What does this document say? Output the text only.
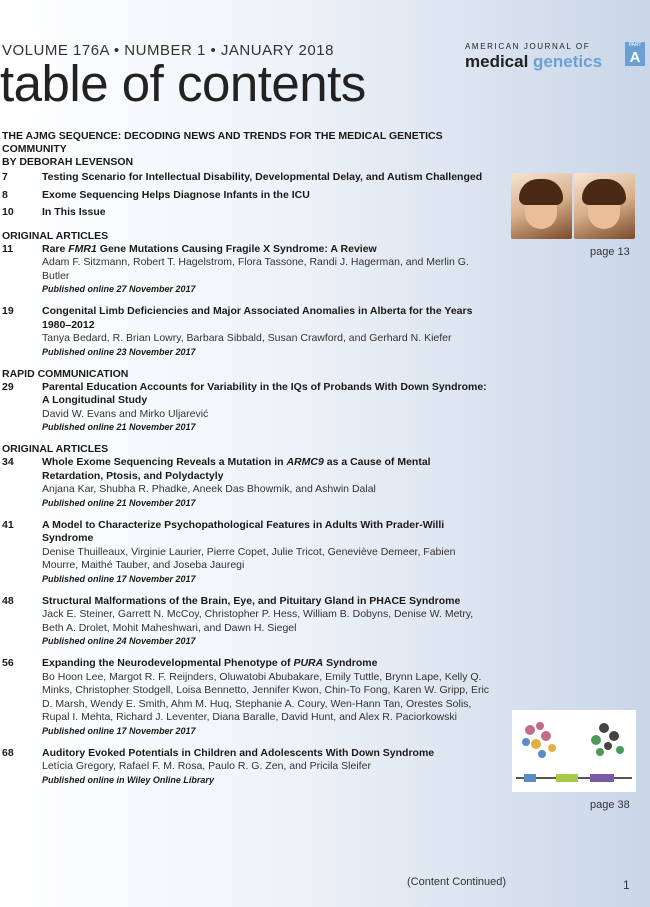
VOLUME 176A • NUMBER 1 • JANUARY 2018
table of contents
AMERICAN JOURNAL OF
medical genetics
PART
A
THE AJMG SEQUENCE: DECODING NEWS AND TRENDS FOR THE MEDICAL GENETICS COMMUNITY
BY DEBORAH LEVENSON
7	Testing Scenario for Intellectual Disability, Developmental Delay, and Autism Challenged
8	Exome Sequencing Helps Diagnose Infants in the ICU
10	In This Issue
ORIGINAL ARTICLES
11	Rare FMR1 Gene Mutations Causing Fragile X Syndrome: A Review
Adam F. Sitzmann, Robert T. Hagelstrom, Flora Tassone, Randi J. Hagerman, and Merlin G. Butler
Published online 27 November 2017
19	Congenital Limb Deficiencies and Major Associated Anomalies in Alberta for the Years 1980–2012
Tanya Bedard, R. Brian Lowry, Barbara Sibbald, Susan Crawford, and Gerhard N. Kiefer
Published online 23 November 2017
RAPID COMMUNICATION
29	Parental Education Accounts for Variability in the IQs of Probands With Down Syndrome: A Longitudinal Study
David W. Evans and Mirko Uljarević
Published online 21 November 2017
ORIGINAL ARTICLES
34	Whole Exome Sequencing Reveals a Mutation in ARMC9 as a Cause of Mental Retardation, Ptosis, and Polydactyly
Anjana Kar, Shubha R. Phadke, Aneek Das Bhowmik, and Ashwin Dalal
Published online 21 November 2017
41	A Model to Characterize Psychopathological Features in Adults With Prader-Willi Syndrome
Denise Thuilleaux, Virginie Laurier, Pierre Copet, Julie Tricot, Geneviève Demeer, Fabien Mourre, Maithé Tauber, and Joseba Jauregi
Published online 17 November 2017
48	Structural Malformations of the Brain, Eye, and Pituitary Gland in PHACE Syndrome
Jack E. Steiner, Garrett N. McCoy, Christopher P. Hess, William B. Dobyns, Denise W. Metry, Beth A. Drolet, Mohit Maheshwari, and Dawn H. Siegel
Published online 24 November 2017
56	Expanding the Neurodevelopmental Phenotype of PURA Syndrome
Bo Hoon Lee, Margot R. F. Reijnders, Oluwatobi Abubakare, Emily Tuttle, Brynn Lape, Kelly Q. Minks, Christopher Stodgell, Loisa Bennetto, Jennifer Kwon, Chin-To Fong, Karen W. Gripp, Eric D. Marsh, Wendy E. Smith, Ahm M. Huq, Stephanie A. Coury, Wen-Hann Tan, Orestes Solis, Rupal I. Mehta, Richard J. Leventer, Diana Baralle, David Hunt, and Alex R. Paciorkowski
Published online 17 November 2017
68	Auditory Evoked Potentials in Children and Adolescents With Down Syndrome
Letícia Gregory, Rafael F. M. Rosa, Paulo R. G. Zen, and Pricila Sleifer
Published online in Wiley Online Library
page 13
page 38
(Content Continued)	1
